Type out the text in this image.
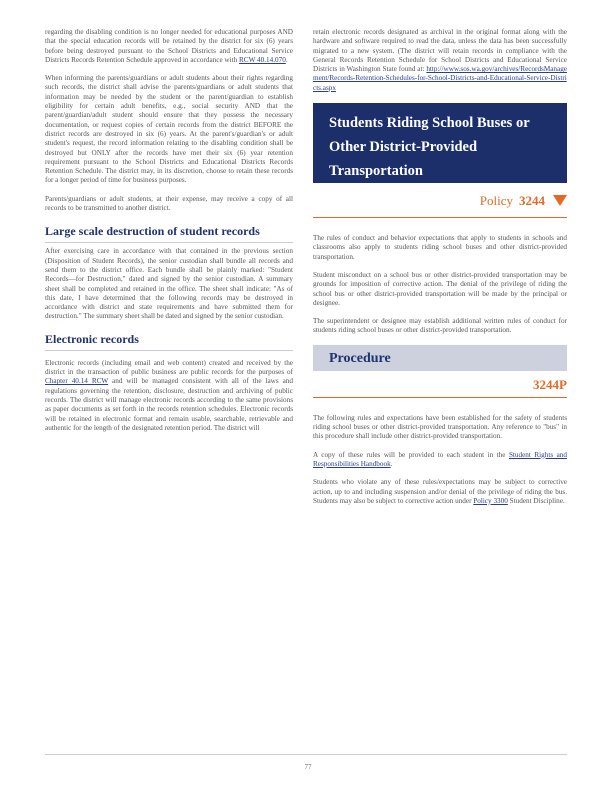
regarding the disabling condition is no longer needed for educational purposes AND that the special education records will be retained by the district for six (6) years before being destroyed pursuant to the School Districts and Educational Service Districts Records Retention Schedule approved in accordance with RCW 40.14.070.

When informing the parents/guardians or adult students about their rights regarding such records, the district shall advise the parents/guardians or adult students that information may be needed by the student or the parent/guardian to establish eligibility for certain adult benefits, e.g., social security AND that the parent/guardian/adult student should ensure that they possess the necessary documentation, or request copies of certain records from the district BEFORE the district records are destroyed in six (6) years. At the parent's/guardian's or adult student's request, the record information relating to the disabling condition shall be destroyed but ONLY after the records have met their six (6) year retention requirement pursuant to the School Districts and Educational Districts Records Retention Schedule. The district may, in its discretion, choose to retain these records for a longer period of time for business purposes.

Parents/guardians or adult students, at their expense, may receive a copy of all records to be transmitted to another district.

Large scale destruction of student records

After exercising care in accordance with that contained in the previous section (Disposition of Student Records), the senior custodian shall bundle all records and send them to the district office. Each bundle shall be plainly marked: "Student Records—for Destruction," dated and signed by the senior custodian. A summary sheet shall be completed and retained in the office. The sheet shall indicate: "As of this date, I have determined that the following records may be destroyed in accordance with district and state requirements and have submitted them for destruction." The summary sheet shall be dated and signed by the senior custodian.

Electronic records

Electronic records (including email and web content) created and received by the district in the transaction of public business are public records for the purposes of Chapter 40.14 RCW and will be managed consistent with all of the laws and regulations governing the retention, disclosure, destruction and archiving of public records. The district will manage electronic records according to the same provisions as paper documents as set forth in the records retention schedules. Electronic records will be retained in electronic format and remain usable, searchable, retrievable and authentic for the length of the designated retention period. The district will

retain electronic records designated as archival in the original format along with the hardware and software required to read the data, unless the data has been successfully migrated to a new system. (The district will retain records in compliance with the General Records Retention Schedule for School Districts and Educational Service Districts in Washington State found at: http://www.sos.wa.gov/archives/RecordsManagement/Records-Retention-Schedules-for-School-Districts-and-Educational-Service-Districts.aspx

Students Riding School Buses or Other District-Provided Transportation
Policy 3244

The rules of conduct and behavior expectations that apply to students in schools and classrooms also apply to students riding school buses and other district-provided transportation.

Student misconduct on a school bus or other district-provided transportation may be grounds for imposition of corrective action. The denial of the privilege of riding the school bus or other district-provided transportation will be made by the principal or designee.

The superintendent or designee may establish additional written rules of conduct for students riding school buses or other district-provided transportation.

Procedure
3244P

The following rules and expectations have been established for the safety of students riding school buses or other district-provided transportation. Any reference to "bus" in this procedure shall include other district-provided transportation.

A copy of these rules will be provided to each student in the Student Rights and Responsibilities Handbook.

Students who violate any of these rules/expectations may be subject to corrective action, up to and including suspension and/or denial of the privilege of riding the bus. Students may also be subject to corrective action under Policy 3300 Student Discipline.

77
